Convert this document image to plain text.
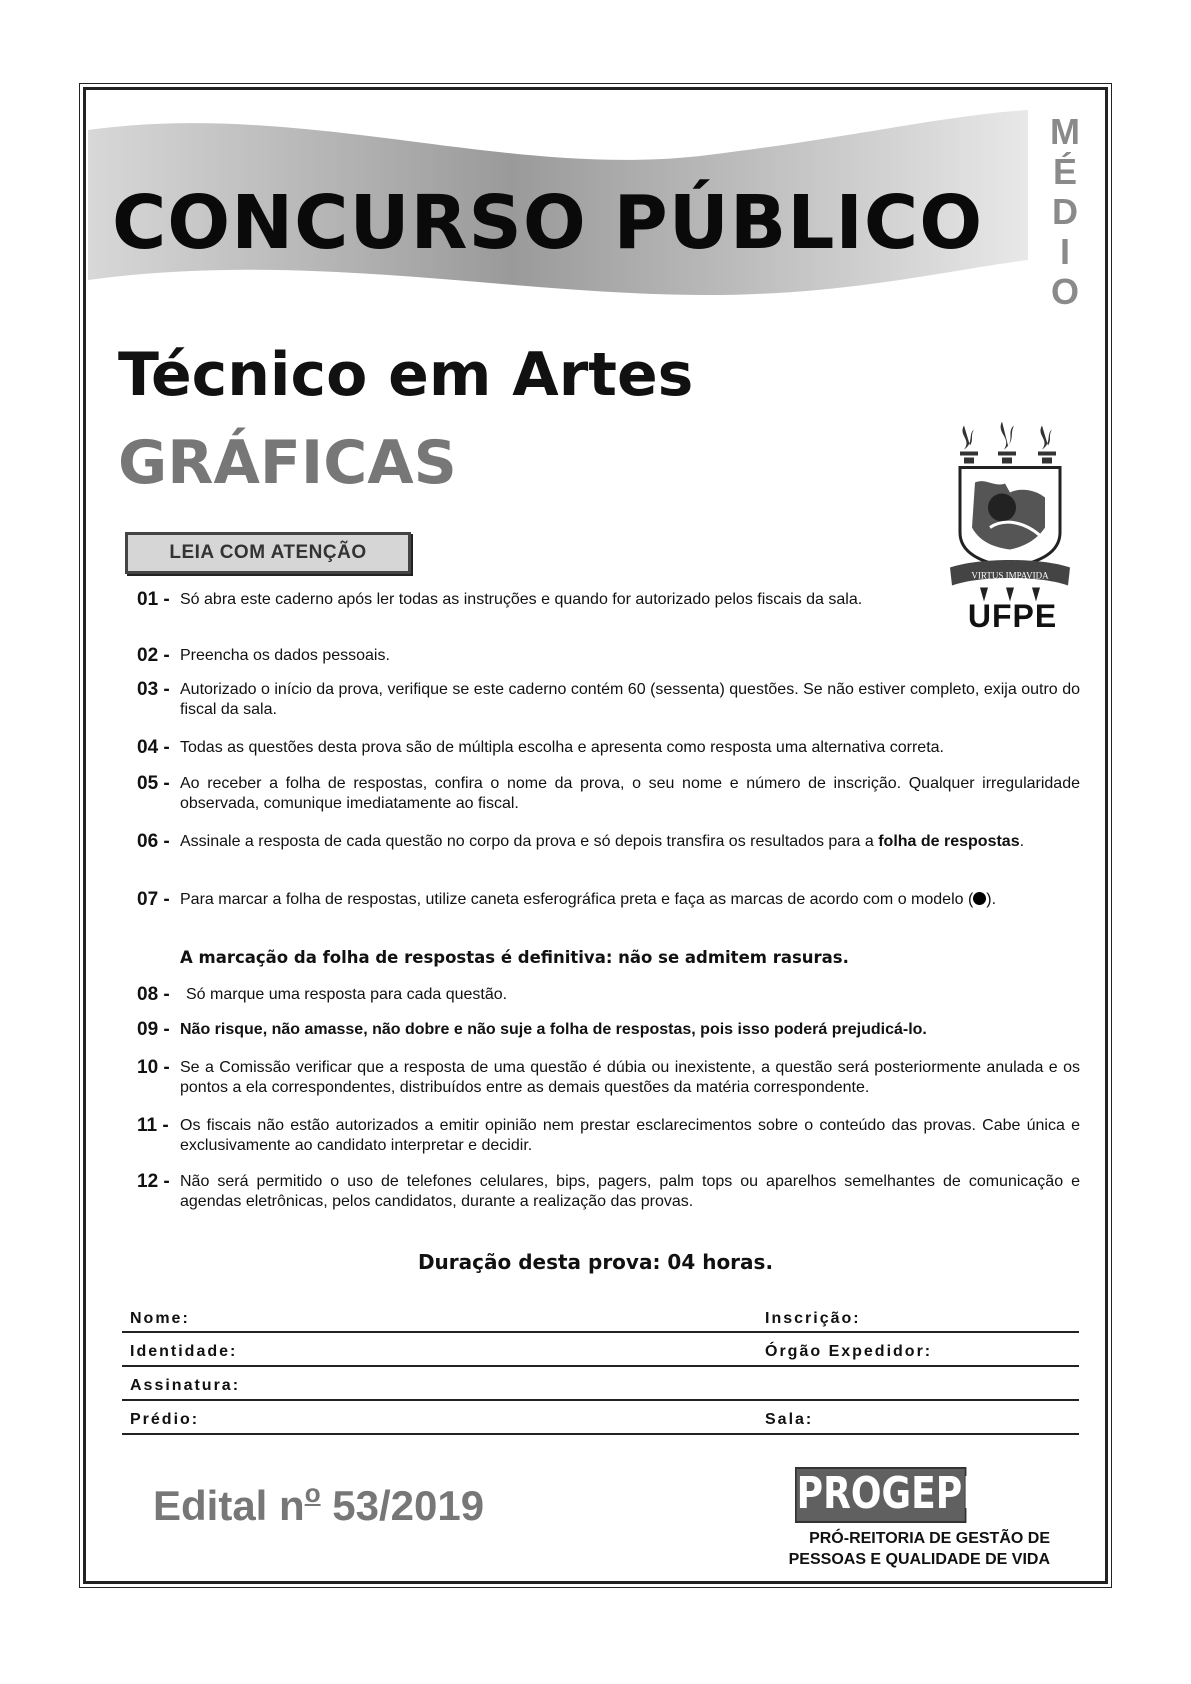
CONCURSO PÚBLICO
M
É
D
I
O
Técnico em Artes
GRÁFICAS
VIRTUS IMPAVIDA
UFPE
LEIA COM ATENÇÃO
01 - Só abra este caderno após ler todas as instruções e quando for autorizado pelos fiscais da sala.
02 - Preencha os dados pessoais.
03 - Autorizado o início da prova, verifique se este caderno contém 60 (sessenta) questões. Se não estiver completo, exija outro do fiscal da sala.
04 - Todas as questões desta prova são de múltipla escolha e apresenta como resposta uma alternativa correta.
05 - Ao receber a folha de respostas, confira o nome da prova, o seu nome e número de inscrição. Qualquer irregularidade observada, comunique imediatamente ao fiscal.
06 - Assinale a resposta de cada questão no corpo da prova e só depois transfira os resultados para a folha de respostas.
07 - Para marcar a folha de respostas, utilize caneta esferográfica preta e faça as marcas de acordo com o modelo ( ).
A marcação da folha de respostas é definitiva: não se admitem rasuras.
08 - Só marque uma resposta para cada questão.
09 - Não risque, não amasse, não dobre e não suje a folha de respostas, pois isso poderá prejudicá-lo.
10 - Se a Comissão verificar que a resposta de uma questão é dúbia ou inexistente, a questão será posteriormente anulada e os pontos a ela correspondentes, distribuídos entre as demais questões da matéria correspondente.
11 - Os fiscais não estão autorizados a emitir opinião nem prestar esclarecimentos sobre o conteúdo das provas. Cabe única e exclusivamente ao candidato interpretar e decidir.
12 - Não será permitido o uso de telefones celulares, bips, pagers, palm tops ou aparelhos semelhantes de comunicação e agendas eletrônicas, pelos candidatos, durante a realização das provas.
Duração desta prova: 04 horas.
Nome:	Inscrição:
Identidade:	Órgão Expedidor:
Assinatura:
Prédio:	Sala:
Edital $n^o$ 53/2019	PROGEPE
PRÓ-REITORIA DE GESTÃO DE
PESSOAS E QUALIDADE DE VIDA
